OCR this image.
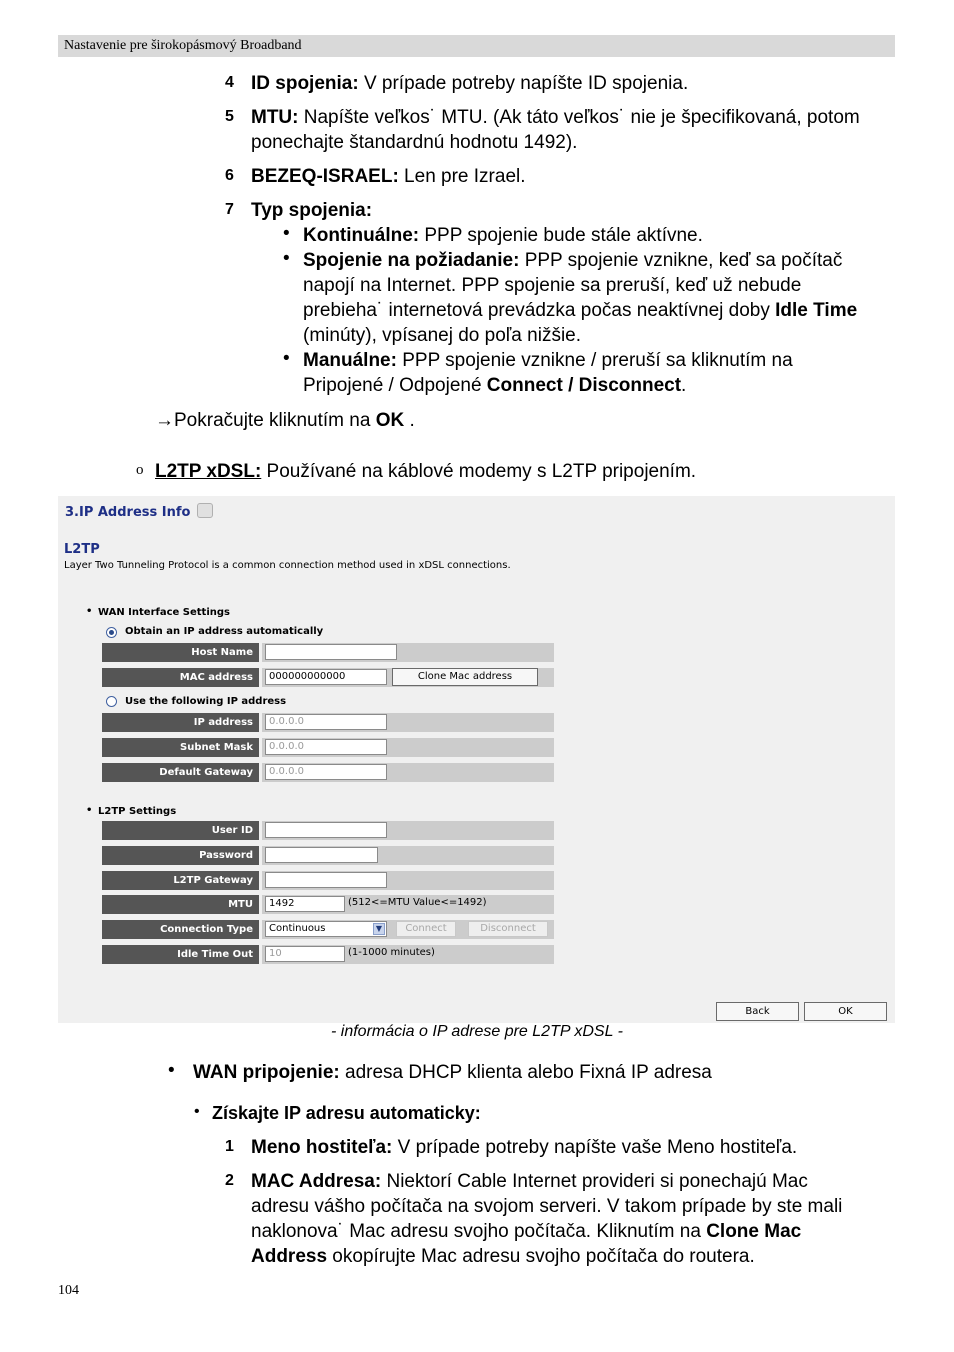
Nastavenie pre širokopásmový Broadband
4 ID spojenia: V prípade potreby napíšte ID spojenia.
5 MTU: Napíšte veľkos˙ MTU. (Ak táto veľkos˙ nie je špecifikovaná, potom
ponechajte štandardnú hodnotu 1492).
6 BEZEQ-ISRAEL: Len pre Izrael.
7 Typ spojenia:
• Kontinuálne: PPP spojenie bude stále aktívne.
• Spojenie na požiadanie: PPP spojenie vznikne, keď sa počítač
napojí na Internet. PPP spojenie sa preruší, keď už nebude
prebieha˙ internetová prevádzka počas neaktívnej doby Idle Time
(minúty), vpísanej do poľa nižšie.
• Manuálne: PPP spojenie vznikne / preruší sa kliknutím na
Pripojené / Odpojené Connect / Disconnect.
→Pokračujte kliknutím na OK .
o L2TP xDSL: Používané na káblové modemy s L2TP pripojením.
3.IP Address Info
L2TP
Layer Two Tunneling Protocol is a common connection method used in xDSL connections.
• WAN Interface Settings
Obtain an IP address automatically
Host Name
MAC address	000000000000	Clone Mac address
Use the following IP address
IP address	0.0.0.0
Subnet Mask	0.0.0.0
Default Gateway	0.0.0.0
• L2TP Settings
User ID
Password
L2TP Gateway
MTU	1492	(512<=MTU Value<=1492)
Connection Type	Continuous	▼	Connect	Disconnect
Idle Time Out	10	(1-1000 minutes)
Back	OK
- informácia o IP adrese pre L2TP xDSL -
• WAN pripojenie: adresa DHCP klienta alebo Fixná IP adresa
• Získajte IP adresu automaticky:
1 Meno hostiteľa: V prípade potreby napíšte vaše Meno hostiteľa.
2 MAC Addresa: Niektorí Cable Internet provideri si ponechajú Mac
adresu vášho počítača na svojom serveri. V takom prípade by ste mali
naklonova˙ Mac adresu svojho počítača. Kliknutím na Clone Mac
Address okopírujte Mac adresu svojho počítača do routera.
104
